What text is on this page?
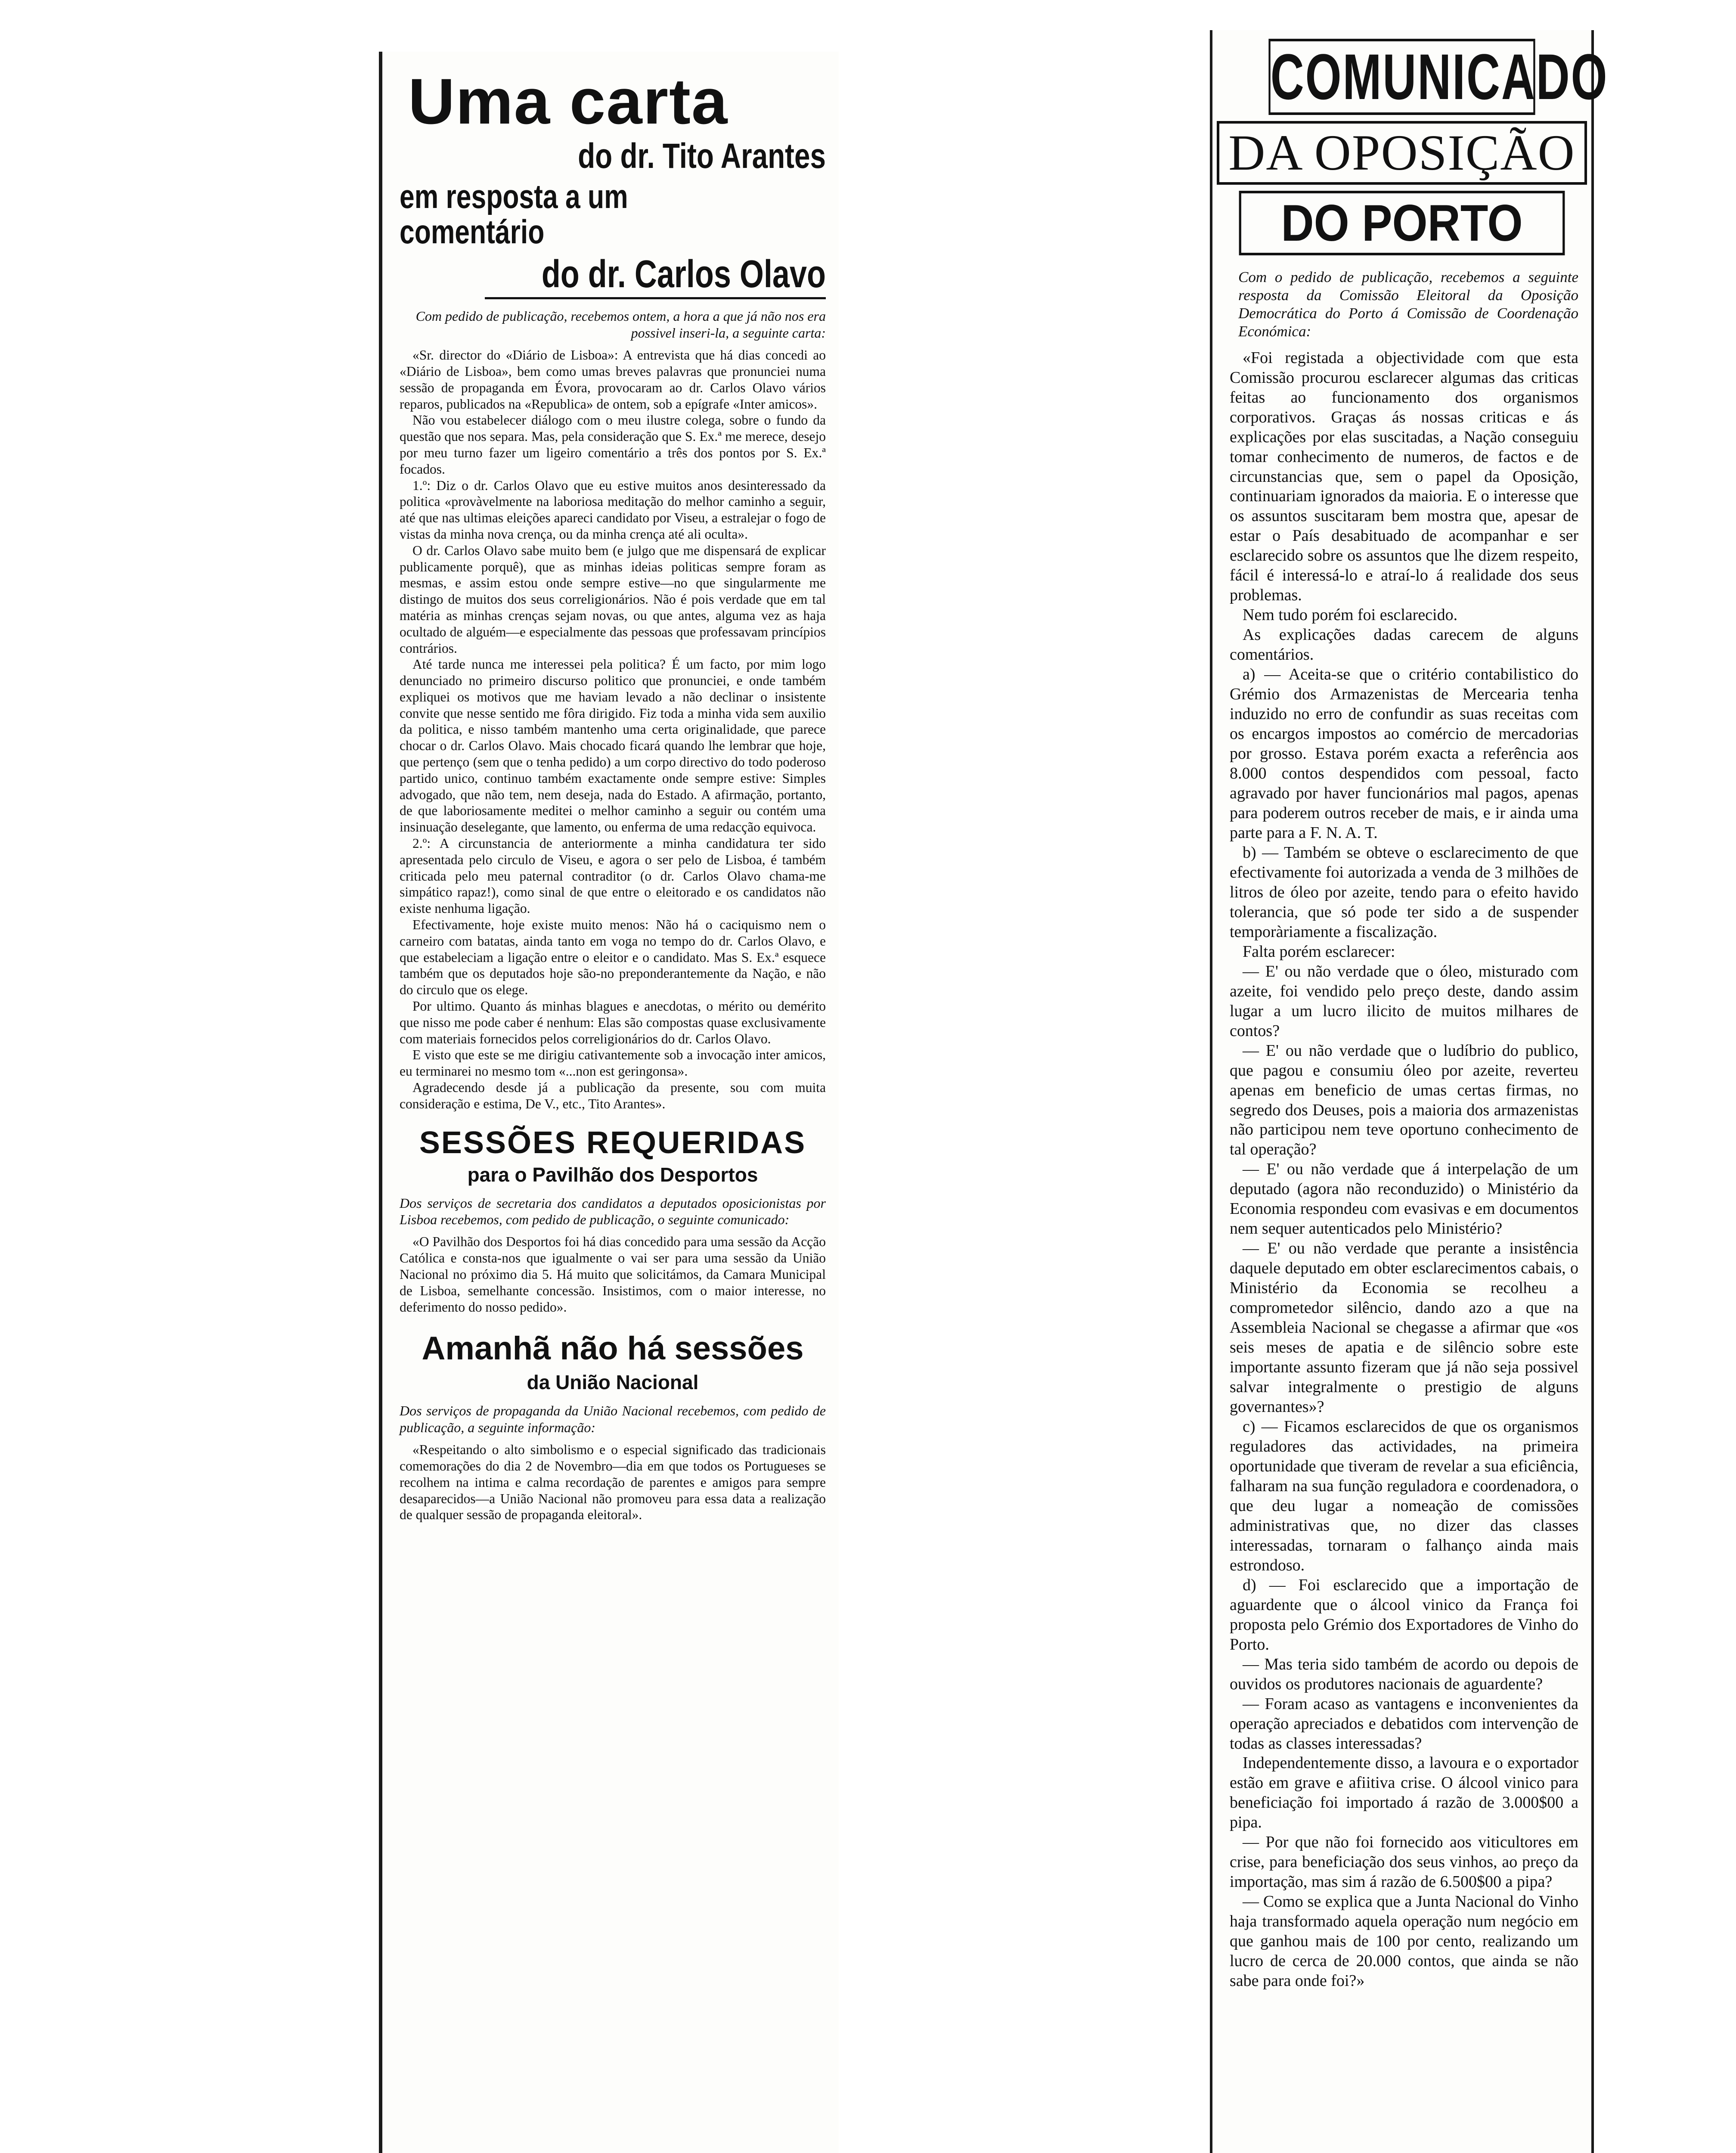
Uma carta
do dr. Tito Arantes
em resposta a um comentário
do dr. Carlos Olavo
Com pedido de publicação, recebemos ontem, a hora a que já não nos era possivel inseri-la, a seguinte carta:

«Sr. director do «Diário de Lisboa»: A entrevista que há dias concedi ao «Diário de Lisboa», bem como umas breves palavras que pronunciei numa sessão de propaganda em Évora, provocaram ao dr. Carlos Olavo vários reparos, publicados na «Republica» de ontem, sob a epígrafe «Inter amicos».

Não vou estabelecer diálogo com o meu ilustre colega, sobre o fundo da questão que nos separa. Mas, pela consideração que S. Ex.ª me merece, desejo por meu turno fazer um ligeiro comentário a três dos pontos por S. Ex.ª focados.

1.º: Diz o dr. Carlos Olavo que eu estive muitos anos desinteressado da politica «provàvelmente na laboriosa meditação do melhor caminho a seguir, até que nas ultimas eleições apareci candidato por Viseu, a estralejar o fogo de vistas da minha nova crença, ou da minha crença até ali oculta».

O dr. Carlos Olavo sabe muito bem (e julgo que me dispensará de explicar publicamente porquê), que as minhas ideias politicas sempre foram as mesmas, e assim estou onde sempre estive—no que singularmente me distingo de muitos dos seus correligionários. Não é pois verdade que em tal matéria as minhas crenças sejam novas, ou que antes, alguma vez as haja ocultado de alguém—e especialmente das pessoas que professavam princípios contrários.

Até tarde nunca me interessei pela politica? É um facto, por mim logo denunciado no primeiro discurso politico que pronunciei, e onde também expliquei os motivos que me haviam levado a não declinar o insistente convite que nesse sentido me fôra dirigido. Fiz toda a minha vida sem auxilio da politica, e nisso também mantenho uma certa originalidade, que parece chocar o dr. Carlos Olavo. Mais chocado ficará quando lhe lembrar que hoje, que pertenço (sem que o tenha pedido) a um corpo directivo do todo poderoso partido unico, continuo também exactamente onde sempre estive: Simples advogado, que não tem, nem deseja, nada do Estado. A afirmação, portanto, de que laboriosamente meditei o melhor caminho a seguir ou contém uma insinuação deselegante, que lamento, ou enferma de uma redacção equivoca.

2.º: A circunstancia de anteriormente a minha candidatura ter sido apresentada pelo circulo de Viseu, e agora o ser pelo de Lisboa, é também criticada pelo meu paternal contraditor (o dr. Carlos Olavo chama-me simpático rapaz!), como sinal de que entre o eleitorado e os candidatos não existe nenhuma ligação.

Efectivamente, hoje existe muito menos: Não há o caciquismo nem o carneiro com batatas, ainda tanto em voga no tempo do dr. Carlos Olavo, e que estabeleciam a ligação entre o eleitor e o candidato. Mas S. Ex.ª esquece também que os deputados hoje são-no preponderantemente da Nação, e não do circulo que os elege.

Por ultimo. Quanto ás minhas blagues e anecdotas, o mérito ou demérito que nisso me pode caber é nenhum: Elas são compostas quase exclusivamente com materiais fornecidos pelos correligionários do dr. Carlos Olavo.

E visto que este se me dirigiu cativantemente sob a invocação inter amicos, eu terminarei no mesmo tom «...non est geringonsa».

Agradecendo desde já a publicação da presente, sou com muita consideração e estima, De V., etc., Tito Arantes».

SESSÕES REQUERIDAS
para o Pavilhão dos Desportos
Dos serviços de secretaria dos candidatos a deputados oposicionistas por Lisboa recebemos, com pedido de publicação, o seguinte comunicado:

«O Pavilhão dos Desportos foi há dias concedido para uma sessão da Acção Católica e consta-nos que igualmente o vai ser para uma sessão da União Nacional no próximo dia 5. Há muito que solicitámos, da Camara Municipal de Lisboa, semelhante concessão. Insistimos, com o maior interesse, no deferimento do nosso pedido».

Amanhã não há sessões
da União Nacional
Dos serviços de propaganda da União Nacional recebemos, com pedido de publicação, a seguinte informação:

«Respeitando o alto simbolismo e o especial significado das tradicionais comemorações do dia 2 de Novembro—dia em que todos os Portugueses se recolhem na intima e calma recordação de parentes e amigos para sempre desaparecidos—a União Nacional não promoveu para essa data a realização de qualquer sessão de propaganda eleitoral».

COMUNICADO
DA OPOSIÇÃO
DO PORTO
Com o pedido de publicação, recebemos a seguinte resposta da Comissão Eleitoral da Oposição Democrática do Porto á Comissão de Coordenação Económica:

«Foi registada a objectividade com que esta Comissão procurou esclarecer algumas das criticas feitas ao funcionamento dos organismos corporativos. Graças ás nossas criticas e ás explicações por elas suscitadas, a Nação conseguiu tomar conhecimento de numeros, de factos e de circunstancias que, sem o papel da Oposição, continuariam ignorados da maioria. E o interesse que os assuntos suscitaram bem mostra que, apesar de estar o País desabituado de acompanhar e ser esclarecido sobre os assuntos que lhe dizem respeito, fácil é interessá-lo e atraí-lo á realidade dos seus problemas.

Nem tudo porém foi esclarecido.

As explicações dadas carecem de alguns comentários.

a) — Aceita-se que o critério contabilistico do Grémio dos Armazenistas de Mercearia tenha induzido no erro de confundir as suas receitas com os encargos impostos ao comércio de mercadorias por grosso. Estava porém exacta a referência aos 8.000 contos despendidos com pessoal, facto agravado por haver funcionários mal pagos, apenas para poderem outros receber de mais, e ir ainda uma parte para a F. N. A. T.

b) — Também se obteve o esclarecimento de que efectivamente foi autorizada a venda de 3 milhões de litros de óleo por azeite, tendo para o efeito havido tolerancia, que só pode ter sido a de suspender temporàriamente a fiscalização.

Falta porém esclarecer:

— E' ou não verdade que o óleo, misturado com azeite, foi vendido pelo preço deste, dando assim lugar a um lucro ilicito de muitos milhares de contos?

— E' ou não verdade que o ludíbrio do publico, que pagou e consumiu óleo por azeite, reverteu apenas em beneficio de umas certas firmas, no segredo dos Deuses, pois a maioria dos armazenistas não participou nem teve oportuno conhecimento de tal operação?

— E' ou não verdade que á interpelação de um deputado (agora não reconduzido) o Ministério da Economia respondeu com evasivas e em documentos nem sequer autenticados pelo Ministério?

— E' ou não verdade que perante a insistência daquele deputado em obter esclarecimentos cabais, o Ministério da Economia se recolheu a comprometedor silêncio, dando azo a que na Assembleia Nacional se chegasse a afirmar que «os seis meses de apatia e de silêncio sobre este importante assunto fizeram que já não seja possivel salvar integralmente o prestigio de alguns governantes»?

c) — Ficamos esclarecidos de que os organismos reguladores das actividades, na primeira oportunidade que tiveram de revelar a sua eficiência, falharam na sua função reguladora e coordenadora, o que deu lugar a nomeação de comissões administrativas que, no dizer das classes interessadas, tornaram o falhanço ainda mais estrondoso.

d) — Foi esclarecido que a importação de aguardente que o álcool vinico da França foi proposta pelo Grémio dos Exportadores de Vinho do Porto.

— Mas teria sido também de acordo ou depois de ouvidos os produtores nacionais de aguardente?

— Foram acaso as vantagens e inconvenientes da operação apreciados e debatidos com intervenção de todas as classes interessadas?

Independentemente disso, a lavoura e o exportador estão em grave e afiitiva crise. O álcool vinico para beneficiação foi importado á razão de 3.000$00 a pipa.

— Por que não foi fornecido aos viticultores em crise, para beneficiação dos seus vinhos, ao preço da importação, mas sim á razão de 6.500$00 a pipa?

— Como se explica que a Junta Nacional do Vinho haja transformado aquela operação num negócio em que ganhou mais de 100 por cento, realizando um lucro de cerca de 20.000 contos, que ainda se não sabe para onde foi?»
